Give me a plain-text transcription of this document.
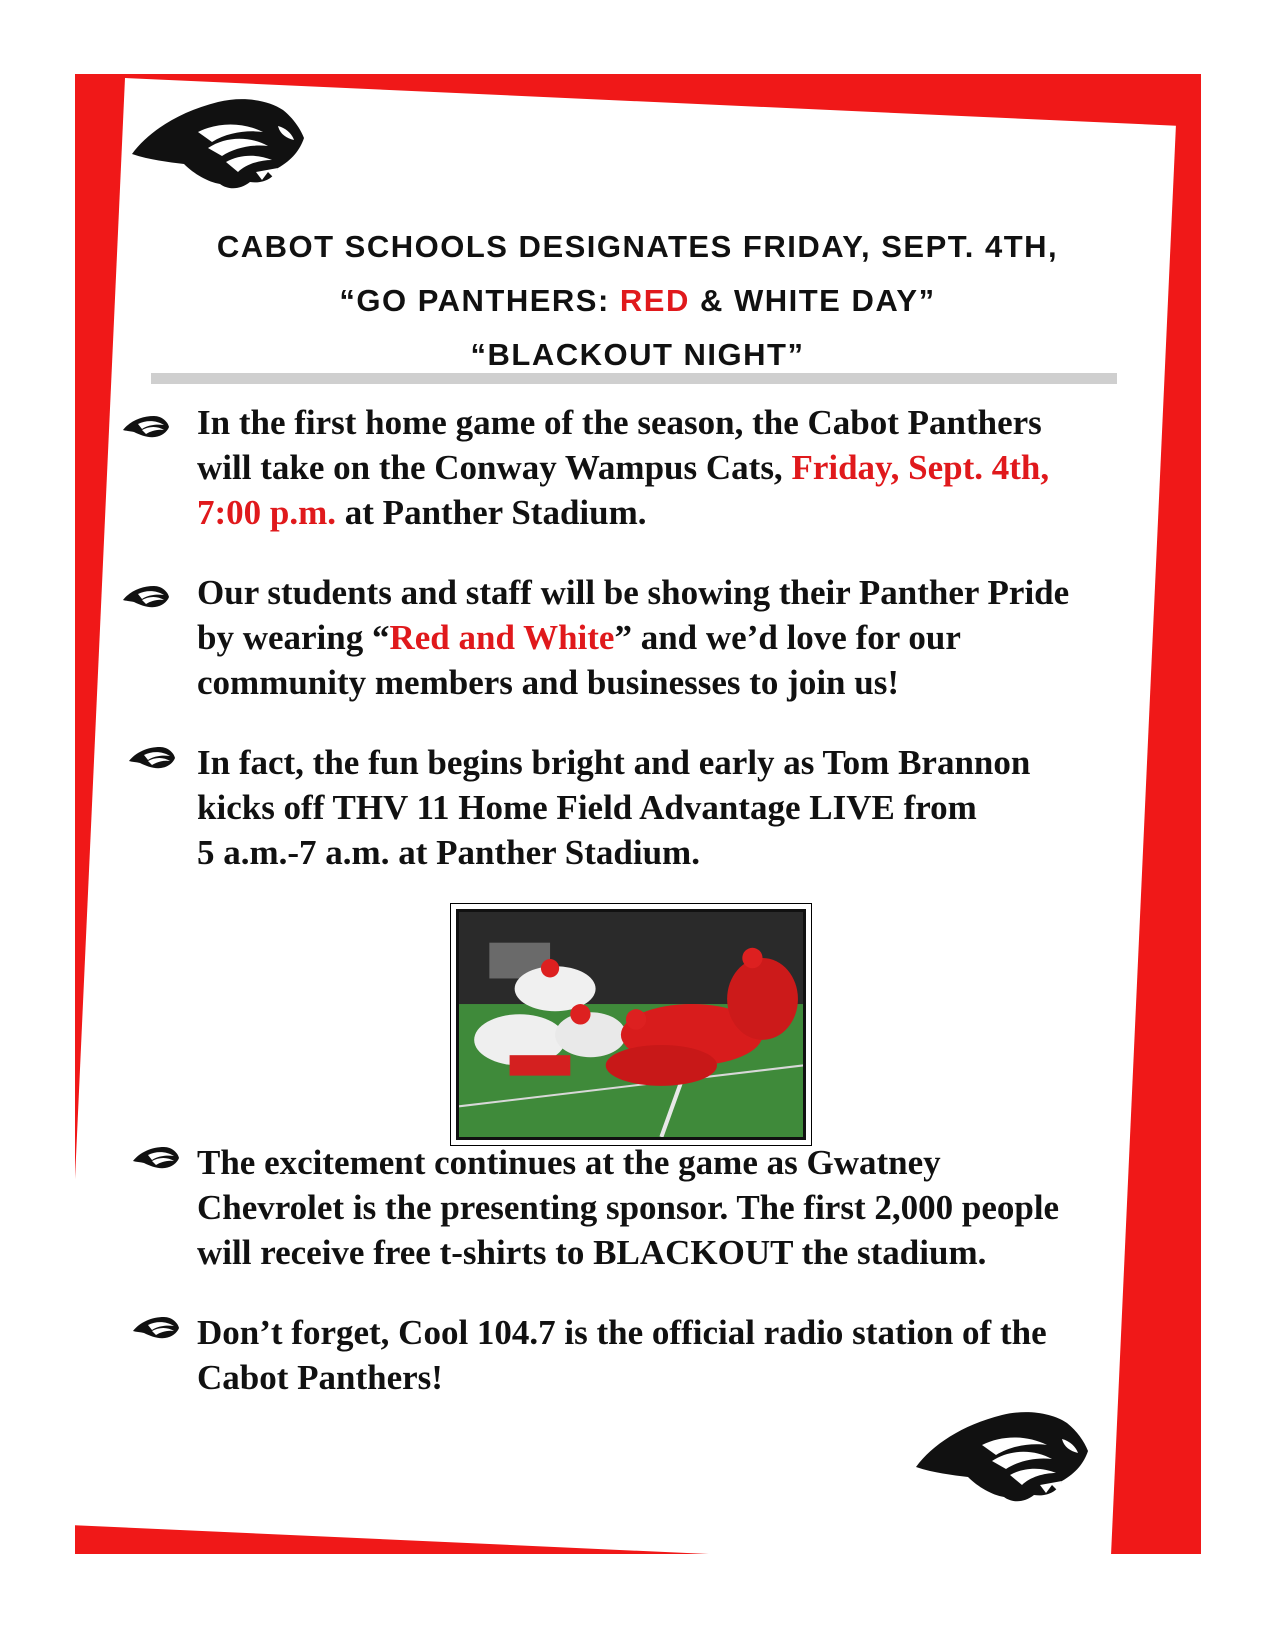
CABOT SCHOOLS DESIGNATES FRIDAY, SEPT. 4TH,
“GO PANTHERS: RED & WHITE DAY”
“BLACKOUT NIGHT”
In the first home game of the season, the Cabot Panthers
will take on the Conway Wampus Cats, Friday, Sept. 4th,
7:00 p.m. at Panther Stadium.
Our students and staff will be showing their Panther Pride
by wearing “Red and White” and we’d love for our
community members and businesses to join us!
In fact, the fun begins bright and early as Tom Brannon
kicks off THV 11 Home Field Advantage LIVE from
5 a.m.-7 a.m. at Panther Stadium.
The excitement continues at the game as Gwatney
Chevrolet is the presenting sponsor. The first 2,000 people
will receive free t-shirts to BLACKOUT the stadium.
Don’t forget, Cool 104.7 is the official radio station of the
Cabot Panthers!
